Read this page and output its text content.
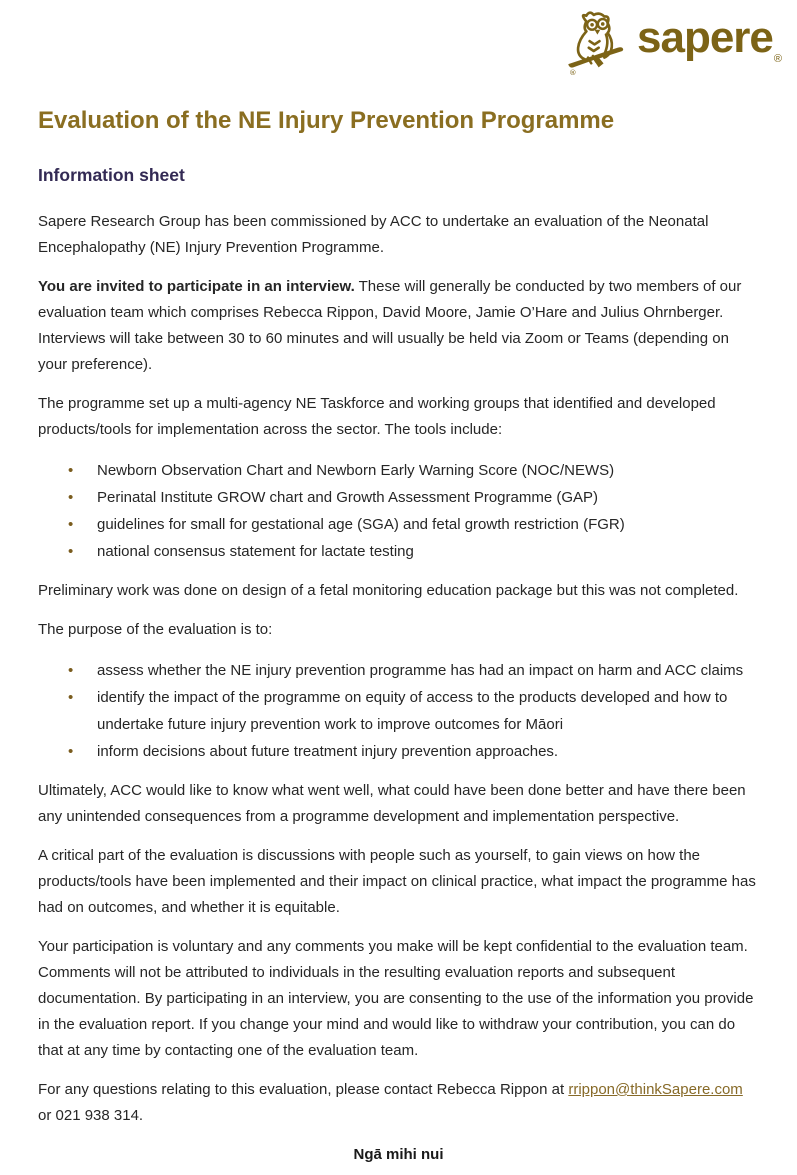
®
sapere$_®$
Evaluation of the NE Injury Prevention Programme
Information sheet

Sapere Research Group has been commissioned by ACC to undertake an evaluation of the Neonatal Encephalopathy (NE) Injury Prevention Programme.

You are invited to participate in an interview. These will generally be conducted by two members of our evaluation team which comprises Rebecca Rippon, David Moore, Jamie O’Hare and Julius Ohrnberger. Interviews will take between 30 to 60 minutes and will usually be held via Zoom or Teams (depending on your preference).

The programme set up a multi-agency NE Taskforce and working groups that identified and developed products/tools for implementation across the sector. The tools include:

• Newborn Observation Chart and Newborn Early Warning Score (NOC/NEWS)
• Perinatal Institute GROW chart and Growth Assessment Programme (GAP)
• guidelines for small for gestational age (SGA) and fetal growth restriction (FGR)
• national consensus statement for lactate testing

Preliminary work was done on design of a fetal monitoring education package but this was not completed.

The purpose of the evaluation is to:

• assess whether the NE injury prevention programme has had an impact on harm and ACC claims
• identify the impact of the programme on equity of access to the products developed and how to undertake future injury prevention work to improve outcomes for Māori
• inform decisions about future treatment injury prevention approaches.

Ultimately, ACC would like to know what went well, what could have been done better and have there been any unintended consequences from a programme development and implementation perspective.

A critical part of the evaluation is discussions with people such as yourself, to gain views on how the products/tools have been implemented and their impact on clinical practice, what impact the programme has had on outcomes, and whether it is equitable.

Your participation is voluntary and any comments you make will be kept confidential to the evaluation team. Comments will not be attributed to individuals in the resulting evaluation reports and subsequent documentation. By participating in an interview, you are consenting to the use of the information you provide in the evaluation report. If you change your mind and would like to withdraw your contribution, you can do that at any time by contacting one of the evaluation team.

For any questions relating to this evaluation, please contact Rebecca Rippon at rrippon@thinkSapere.com or 021 938 314.

Ngā mihi nui
